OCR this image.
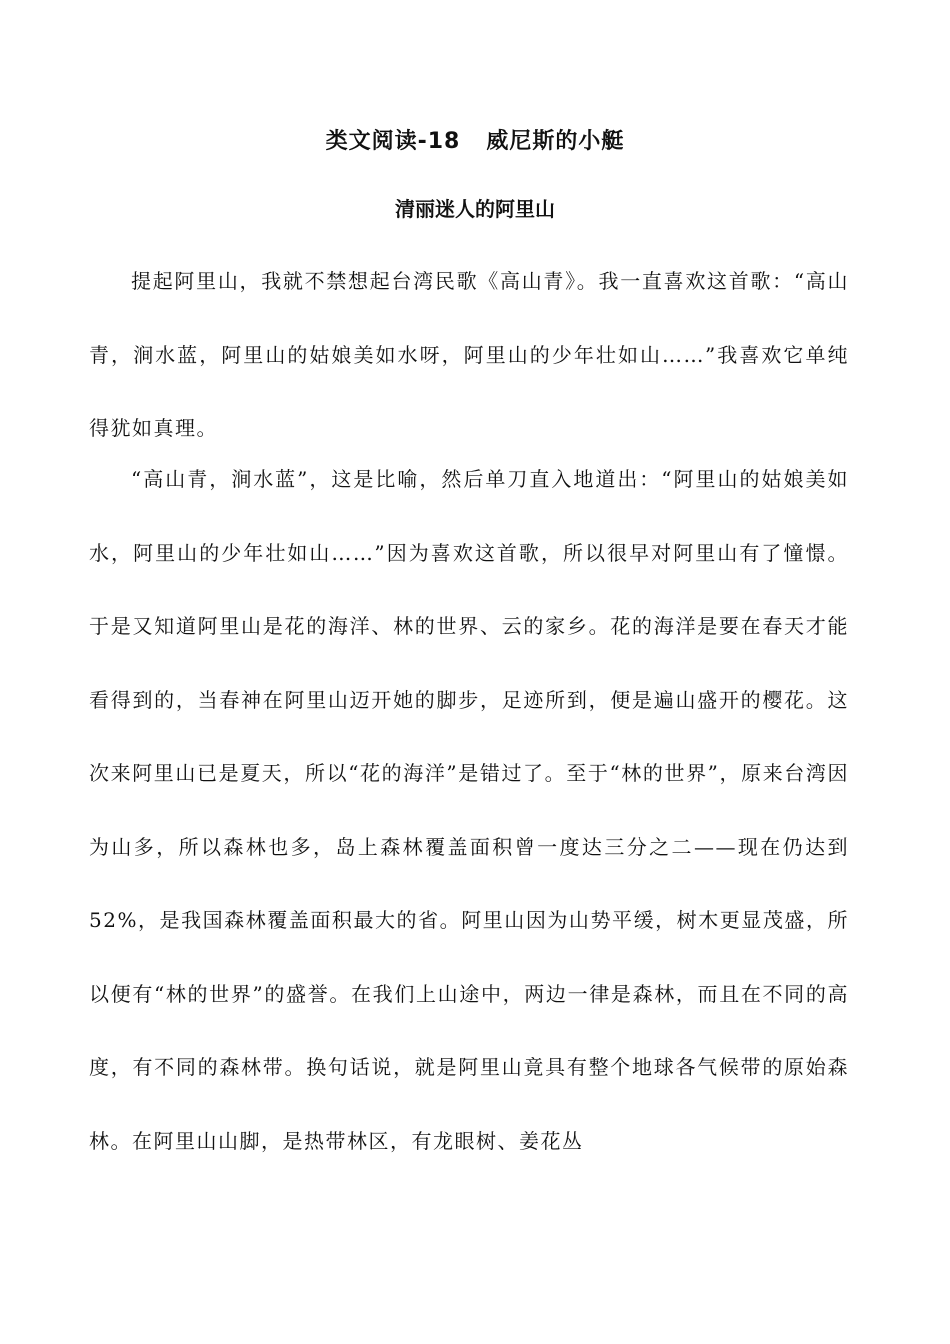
类文阅读-18 威尼斯的小艇
清丽迷人的阿里山

提起阿里山，我就不禁想起台湾民歌《高山青》。我一直喜欢这首歌：“高山青，涧水蓝，阿里山的姑娘美如水呀，阿里山的少年壮如山……”我喜欢它单纯得犹如真理。

“高山青，涧水蓝”，这是比喻，然后单刀直入地道出：“阿里山的姑娘美如水，阿里山的少年壮如山……”因为喜欢这首歌，所以很早对阿里山有了憧憬。于是又知道阿里山是花的海洋、林的世界、云的家乡。花的海洋是要在春天才能看得到的，当春神在阿里山迈开她的脚步，足迹所到，便是遍山盛开的樱花。这次来阿里山已是夏天，所以“花的海洋”是错过了。至于“林的世界”，原来台湾因为山多，所以森林也多，岛上森林覆盖面积曾一度达三分之二——现在仍达到52%，是我国森林覆盖面积最大的省。阿里山因为山势平缓，树木更显茂盛，所以便有“林的世界”的盛誉。在我们上山途中，两边一律是森林，而且在不同的高度，有不同的森林带。换句话说，就是阿里山竟具有整个地球各气候带的原始森林。在阿里山山脚，是热带林区，有龙眼树、姜花丛
